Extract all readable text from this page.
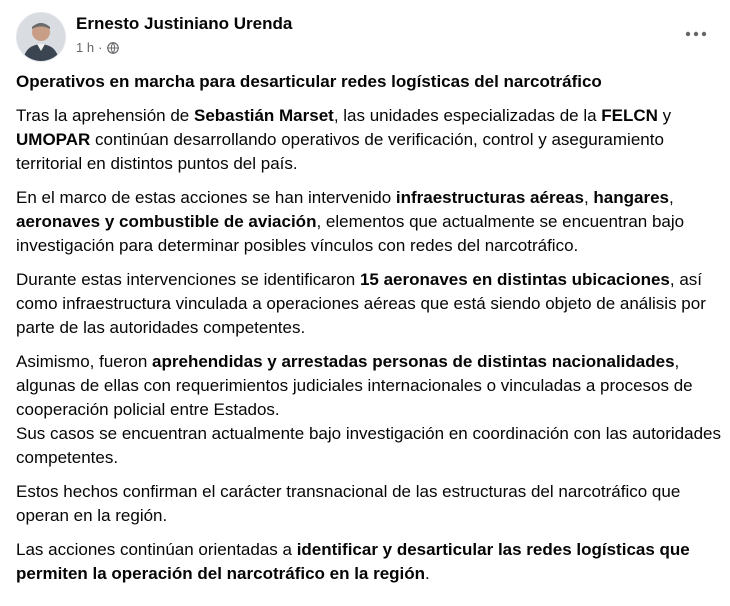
Ernesto Justiniano Urenda
1 h ·

Operativos en marcha para desarticular redes logísticas del narcotráfico

Tras la aprehensión de Sebastián Marset, las unidades especializadas de la FELCN y UMOPAR continúan desarrollando operativos de verificación, control y aseguramiento territorial en distintos puntos del país.

En el marco de estas acciones se han intervenido infraestructuras aéreas, hangares, aeronaves y combustible de aviación, elementos que actualmente se encuentran bajo investigación para determinar posibles vínculos con redes del narcotráfico.

Durante estas intervenciones se identificaron 15 aeronaves en distintas ubicaciones, así como infraestructura vinculada a operaciones aéreas que está siendo objeto de análisis por parte de las autoridades competentes.

Asimismo, fueron aprehendidas y arrestadas personas de distintas nacionalidades, algunas de ellas con requerimientos judiciales internacionales o vinculadas a procesos de cooperación policial entre Estados.
Sus casos se encuentran actualmente bajo investigación en coordinación con las autoridades competentes.

Estos hechos confirman el carácter transnacional de las estructuras del narcotráfico que operan en la región.

Las acciones continúan orientadas a identificar y desarticular las redes logísticas que permiten la operación del narcotráfico en la región.
